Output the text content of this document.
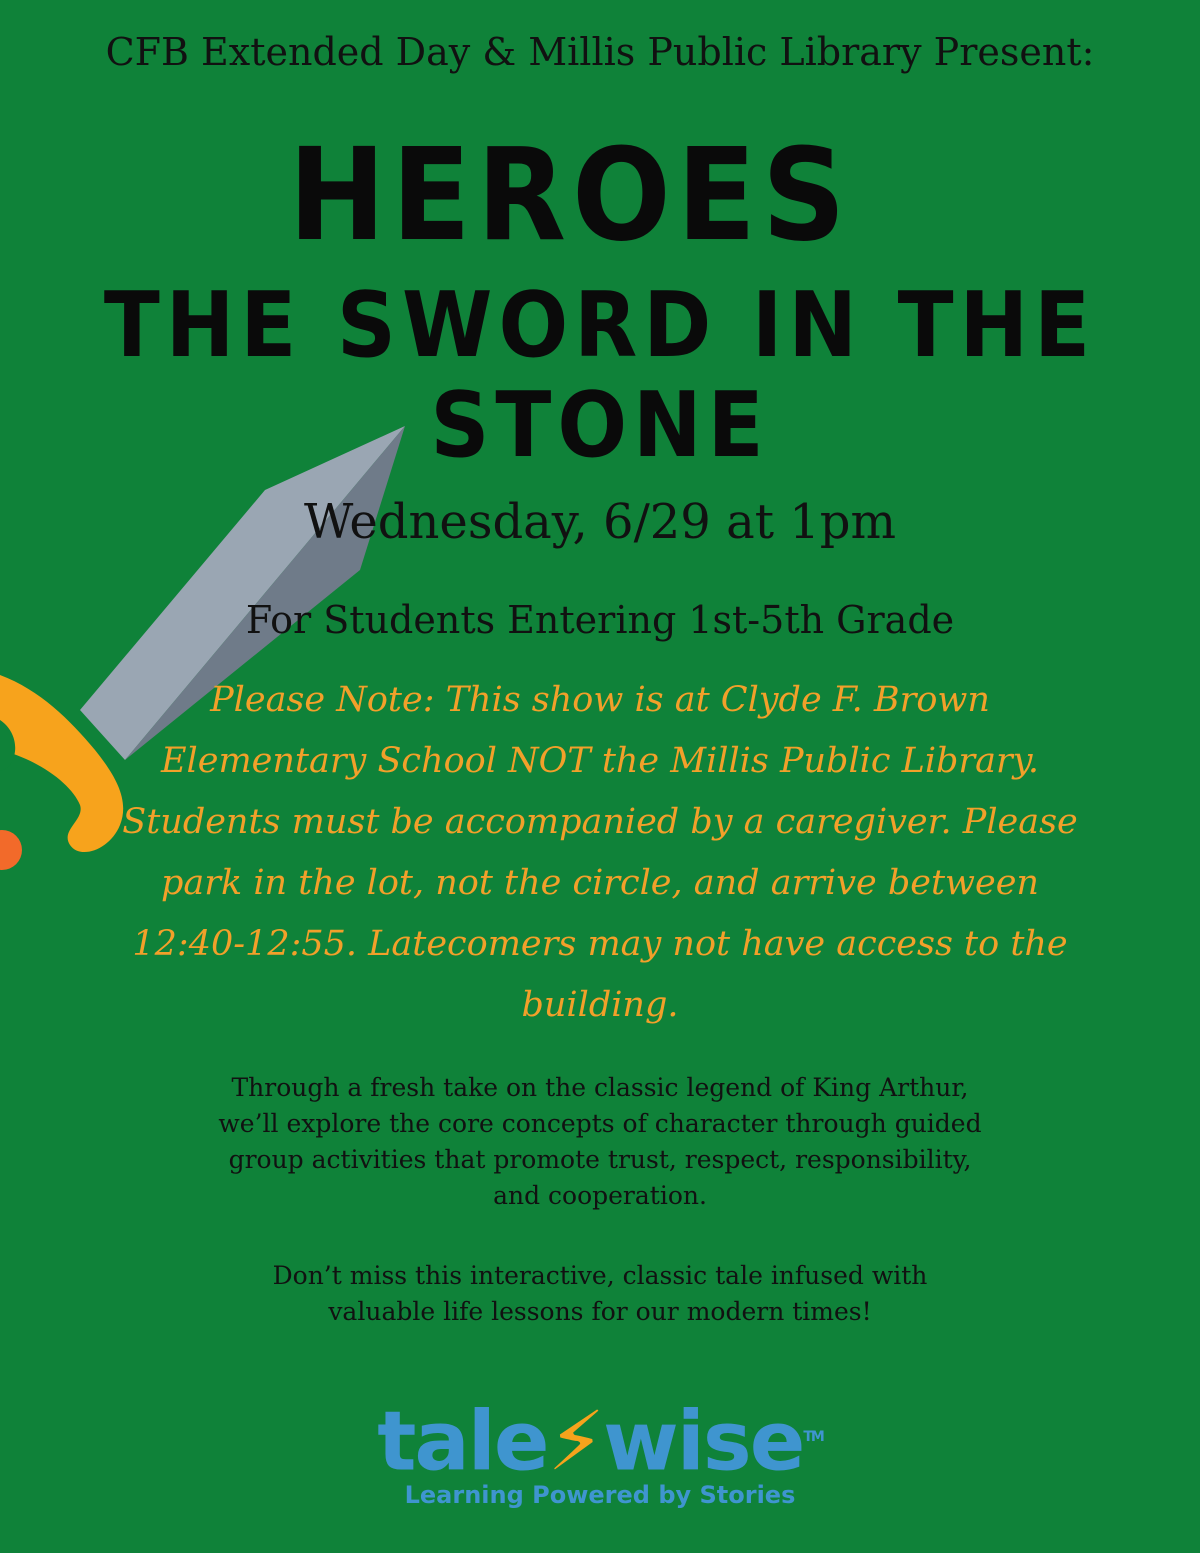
CFB Extended Day & Millis Public Library Present:
HEROES
THE SWORD IN THE
STONE
Wednesday, 6/29 at 1pm
For Students Entering 1st-5th Grade
Please Note: This show is at Clyde F. Brown
Elementary School NOT the Millis Public Library.
Students must be accompanied by a caregiver. Please
park in the lot, not the circle, and arrive between
12:40-12:55. Latecomers may not have access to the
building.
Through a fresh take on the classic legend of King Arthur,
we’ll explore the core concepts of character through guided
group activities that promote trust, respect, responsibility,
and cooperation.
Don’t miss this interactive, classic tale infused with
valuable life lessons for our modern times!
tale⚡wise™
Learning Powered by Stories
